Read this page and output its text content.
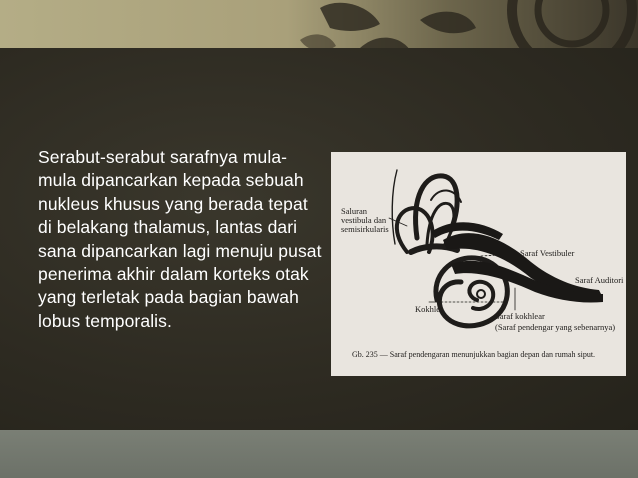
Serabut-serabut sarafnya mula-mula dipancarkan kepada sebuah nukleus khusus yang berada tepat di belakang thalamus, lantas dari sana dipancarkan lagi menuju pusat penerima akhir dalam korteks otak yang terletak pada bagian bawah lobus temporalis.

Saluran vestibula dan semisirkularis
Saraf Vestibuler
Saraf Auditori
Kokhlea
Saraf kokhlear
(Saraf pendengar yang sebenarnya)
Gb. 235 — Saraf pendengaran menunjukkan bagian depan dan rumah siput.
